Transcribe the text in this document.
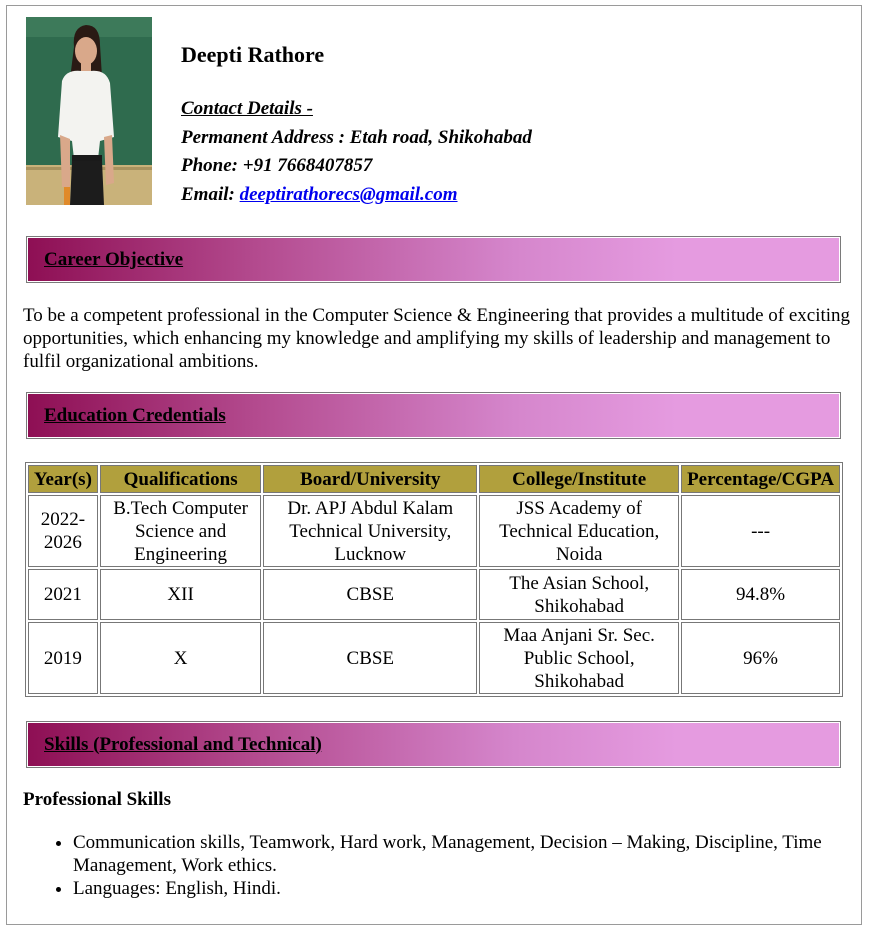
Deepti Rathore
Contact Details -
Permanent Address : Etah road, Shikohabad
Phone: +91 7668407857
Email: deeptirathorecs@gmail.com
Career Objective

To be a competent professional in the Computer Science & Engineering that provides a multitude of exciting opportunities, which enhancing my knowledge and amplifying my skills of leadership and management to fulfil organizational ambitions.

Education Credentials
Year(s)	Qualifications	Board/University	College/Institute	Percentage/CGPA
2022-2026	B.Tech Computer Science and Engineering	Dr. APJ Abdul Kalam Technical University, Lucknow	JSS Academy of Technical Education, Noida	---
2021	XII	CBSE	The Asian School, Shikohabad	94.8%
2019	X	CBSE	Maa Anjani Sr. Sec. Public School, Shikohabad	96%
Skills (Professional and Technical)
Professional Skills
• Communication skills, Teamwork, Hard work, Management, Decision – Making, Discipline, Time Management, Work ethics.
• Languages: English, Hindi.
